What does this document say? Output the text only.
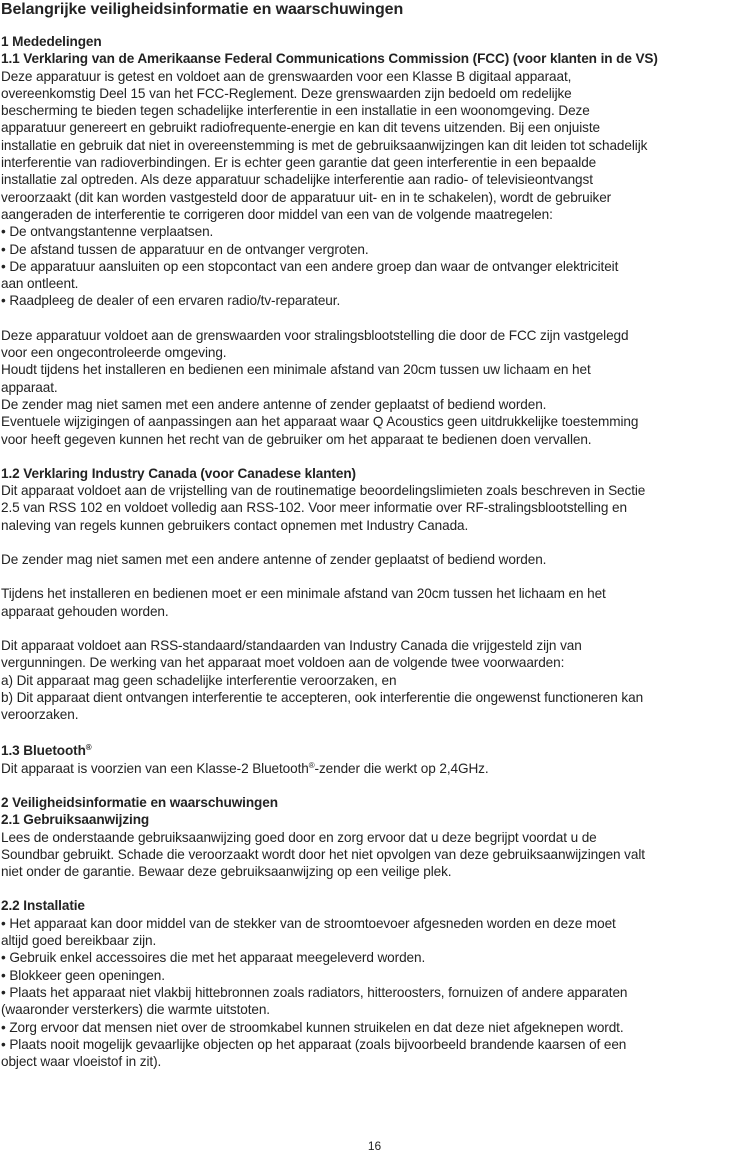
Belangrijke veiligheidsinformatie en waarschuwingen
1 Mededelingen
1.1 Verklaring van de Amerikaanse Federal Communications Commission (FCC) (voor klanten in de VS)

Deze apparatuur is getest en voldoet aan de grenswaarden voor een Klasse B digitaal apparaat,

overeenkomstig Deel 15 van het FCC-Reglement. Deze grenswaarden zijn bedoeld om redelijke

bescherming te bieden tegen schadelijke interferentie in een installatie in een woonomgeving. Deze

apparatuur genereert en gebruikt radiofrequente-energie en kan dit tevens uitzenden. Bij een onjuiste

installatie en gebruik dat niet in overeenstemming is met de gebruiksaanwijzingen kan dit leiden tot schadelijk

interferentie van radioverbindingen. Er is echter geen garantie dat geen interferentie in een bepaalde

installatie zal optreden. Als deze apparatuur schadelijke interferentie aan radio- of televisieontvangst

veroorzaakt (dit kan worden vastgesteld door de apparatuur uit- en in te schakelen), wordt de gebruiker

aangeraden de interferentie te corrigeren door middel van een van de volgende maatregelen:

• De ontvangstantenne verplaatsen.

• De afstand tussen de apparatuur en de ontvanger vergroten.

• De apparatuur aansluiten op een stopcontact van een andere groep dan waar de ontvanger elektriciteit

aan ontleent.

• Raadpleeg de dealer of een ervaren radio/tv-reparateur.

Deze apparatuur voldoet aan de grenswaarden voor stralingsblootstelling die door de FCC zijn vastgelegd

voor een ongecontroleerde omgeving.

Houdt tijdens het installeren en bedienen een minimale afstand van 20cm tussen uw lichaam en het

apparaat.

De zender mag niet samen met een andere antenne of zender geplaatst of bediend worden.

Eventuele wijzigingen of aanpassingen aan het apparaat waar Q Acoustics geen uitdrukkelijke toestemming

voor heeft gegeven kunnen het recht van de gebruiker om het apparaat te bedienen doen vervallen.

1.2 Verklaring Industry Canada (voor Canadese klanten)

Dit apparaat voldoet aan de vrijstelling van de routinematige beoordelingslimieten zoals beschreven in Sectie

2.5 van RSS 102 en voldoet volledig aan RSS-102. Voor meer informatie over RF-stralingsblootstelling en

naleving van regels kunnen gebruikers contact opnemen met Industry Canada.

De zender mag niet samen met een andere antenne of zender geplaatst of bediend worden.

Tijdens het installeren en bedienen moet er een minimale afstand van 20cm tussen het lichaam en het

apparaat gehouden worden.

Dit apparaat voldoet aan RSS-standaard/standaarden van Industry Canada die vrijgesteld zijn van

vergunningen. De werking van het apparaat moet voldoen aan de volgende twee voorwaarden:

a) Dit apparaat mag geen schadelijke interferentie veroorzaken, en

b) Dit apparaat dient ontvangen interferentie te accepteren, ook interferentie die ongewenst functioneren kan

veroorzaken.

1.3 Bluetooth®

Dit apparaat is voorzien van een Klasse-2 Bluetooth®-zender die werkt op 2,4GHz.

2 Veiligheidsinformatie en waarschuwingen
2.1 Gebruiksaanwijzing

Lees de onderstaande gebruiksaanwijzing goed door en zorg ervoor dat u deze begrijpt voordat u de

Soundbar gebruikt. Schade die veroorzaakt wordt door het niet opvolgen van deze gebruiksaanwijzingen valt

niet onder de garantie. Bewaar deze gebruiksaanwijzing op een veilige plek.

2.2 Installatie

• Het apparaat kan door middel van de stekker van de stroomtoevoer afgesneden worden en deze moet

altijd goed bereikbaar zijn.

• Gebruik enkel accessoires die met het apparaat meegeleverd worden.

• Blokkeer geen openingen.

• Plaats het apparaat niet vlakbij hittebronnen zoals radiators, hitteroosters, fornuizen of andere apparaten

(waaronder versterkers) die warmte uitstoten.

• Zorg ervoor dat mensen niet over de stroomkabel kunnen struikelen en dat deze niet afgeknepen wordt.

• Plaats nooit mogelijk gevaarlijke objecten op het apparaat (zoals bijvoorbeeld brandende kaarsen of een

object waar vloeistof in zit).

16
